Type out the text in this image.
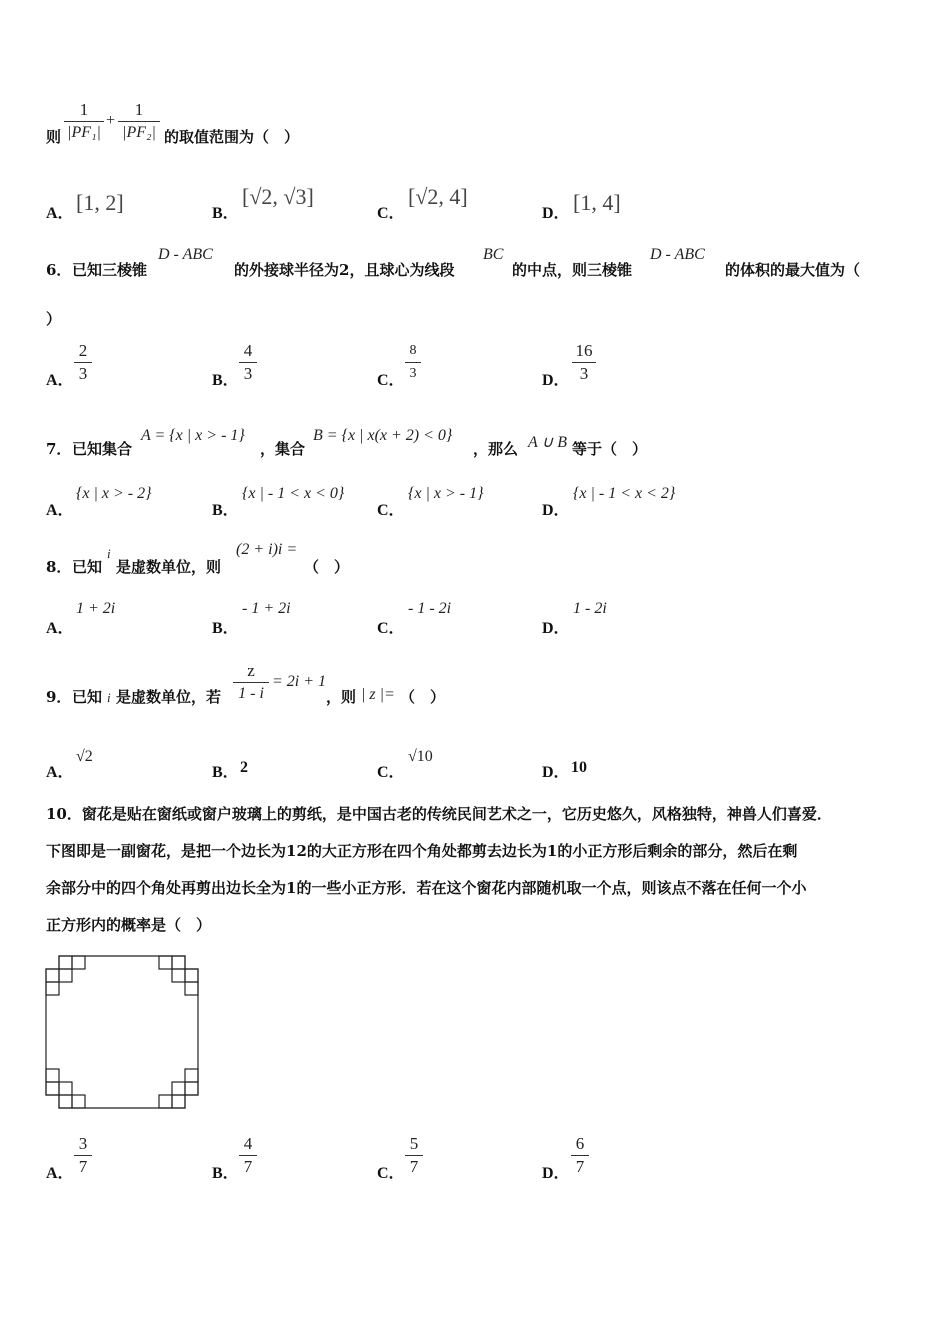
则
1
|PF₁|
+
1
|PF₂| 的取值范围为（　）
A． [1, 2]	B．
[√2, √3]
C．
[√2, 4]
D． [1, 4]
6． 已知三棱锥
D - ABC
的外接球半径为2，且球心为线段
BC
的中点，则三棱锥
D - ABC
的体积的最大值为（
）
A．
2
3	B．
4
3	C．
8
3	D．
16
3
7． 已知集合
A = {x | x > - 1}
，集合
B = {x | x(x + 2) < 0}
，那么 A ∪ B 等于（　）
A．
{x | x > - 2}
B．
{x | - 1 < x < 0}
C．
{x | x > - 1}
D．
{x | - 1 < x < 2}
8． 已知
i
是虚数单位，则
(2 + i)i =
（　）
A．
1 + 2i
B．
- 1 + 2i
C．
- 1 - 2i
D．
1 - 2i
9． 已知 i 是虚数单位，若
z
1 - i
= 2i + 1
，则 | z |= （　）
A．
√2
B． 2	C．
√10
D． 10
10．窗花是贴在窗纸或窗户玻璃上的剪纸，是中国古老的传统民间艺术之一，它历史悠久，风格独特，神兽人们喜爱．
下图即是一副窗花，是把一个边长为12的大正方形在四个角处都剪去边长为1的小正方形后剩余的部分，然后在剩
余部分中的四个角处再剪出边长全为1的一些小正方形．若在这个窗花内部随机取一个点，则该点不落在任何一个小
正方形内的概率是（　）
A．
3
7	B．
4
7	C．
5
7	D．
6
7
